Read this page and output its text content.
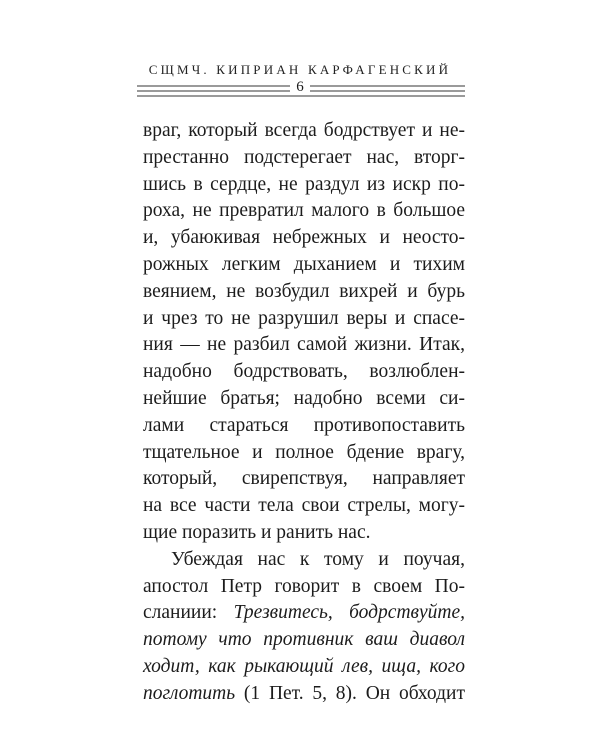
СЩМЧ. КИПРИАН КАРФАГЕНСКИЙ
6
враг, который всегда бодрствует и не-
престанно подстерегает нас, вторг-
шись в сердце, не раздул из искр по-
роха, не превратил малого в большое
и, убаюкивая небрежных и неосто-
рожных легким дыханием и тихим
веянием, не возбудил вихрей и бурь
и чрез то не разрушил веры и спасе-
ния — не разбил самой жизни. Итак,
надобно бодрствовать, возлюблен-
нейшие братья; надобно всеми си-
лами стараться противопоставить
тщательное и полное бдение врагу,
который, свирепствуя, направляет
на все части тела свои стрелы, могу-
щие поразить и ранить нас.
Убеждая нас к тому и поучая,
апостол Петр говорит в своем По-
сланиии: Трезвитесь, бодрствуйте,
потому что противник ваш диавол
ходит, как рыкающий лев, ища, кого
поглотить (1 Пет. 5, 8). Он обходит
